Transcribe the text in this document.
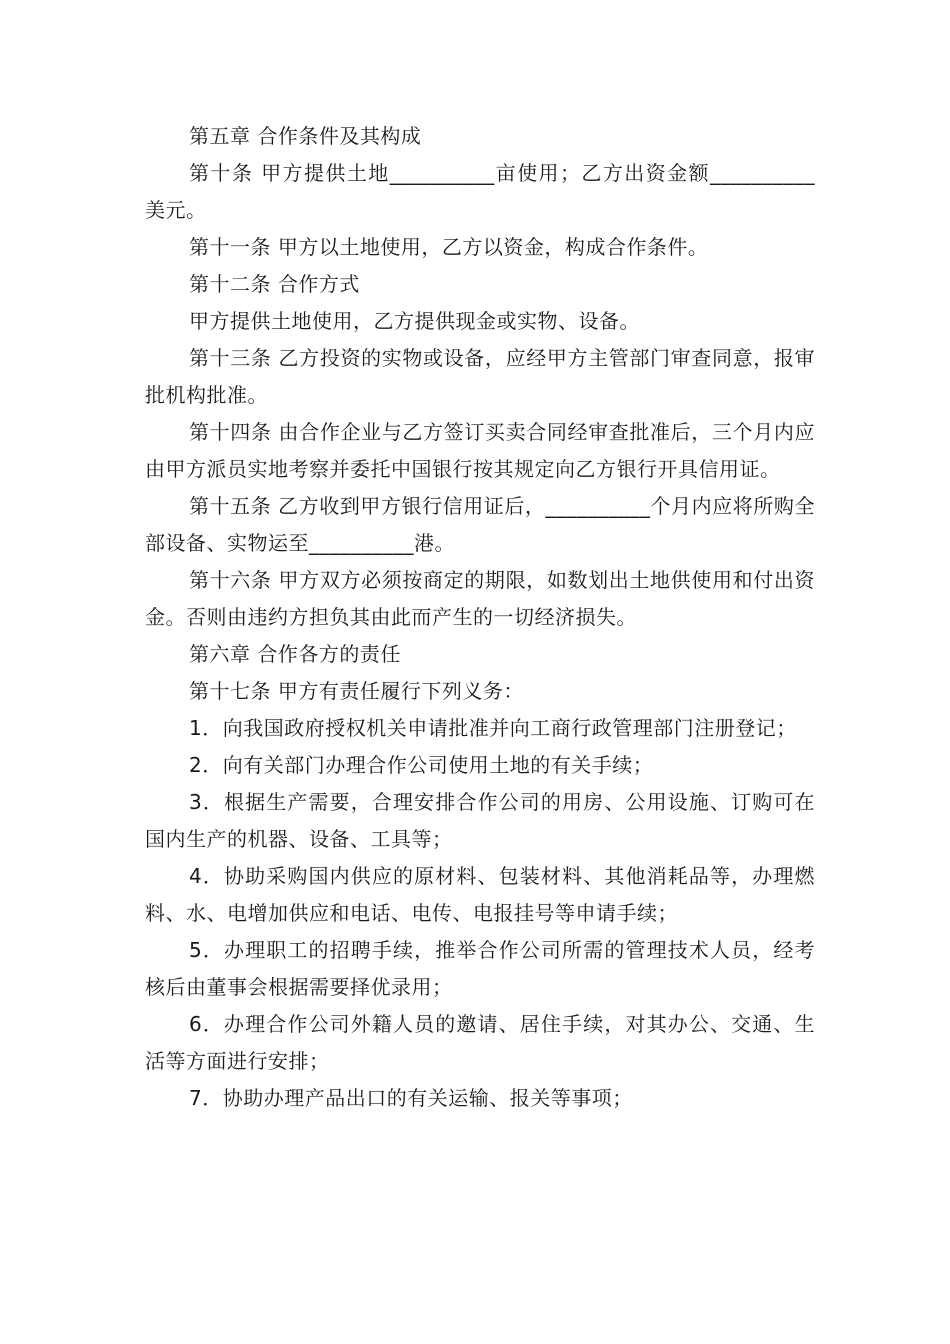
第五章 合作条件及其构成

第十条 甲方提供土地__________亩使用；乙方出资金额__________美元。

第十一条 甲方以土地使用，乙方以资金，构成合作条件。

第十二条 合作方式

甲方提供土地使用，乙方提供现金或实物、设备。

第十三条 乙方投资的实物或设备，应经甲方主管部门审查同意，报审批机构批准。

第十四条 由合作企业与乙方签订买卖合同经审查批准后，三个月内应由甲方派员实地考察并委托中国银行按其规定向乙方银行开具信用证。

第十五条 乙方收到甲方银行信用证后，__________个月内应将所购全部设备、实物运至__________港。

第十六条 甲方双方必须按商定的期限，如数划出土地供使用和付出资金。否则由违约方担负其由此而产生的一切经济损失。

第六章 合作各方的责任

第十七条 甲方有责任履行下列义务：

1．向我国政府授权机关申请批准并向工商行政管理部门注册登记；

2．向有关部门办理合作公司使用土地的有关手续；

3．根据生产需要，合理安排合作公司的用房、公用设施、订购可在国内生产的机器、设备、工具等；

4．协助采购国内供应的原材料、包装材料、其他消耗品等，办理燃料、水、电增加供应和电话、电传、电报挂号等申请手续；

5．办理职工的招聘手续，推举合作公司所需的管理技术人员，经考核后由董事会根据需要择优录用；

6．办理合作公司外籍人员的邀请、居住手续，对其办公、交通、生活等方面进行安排；

7．协助办理产品出口的有关运输、报关等事项；
